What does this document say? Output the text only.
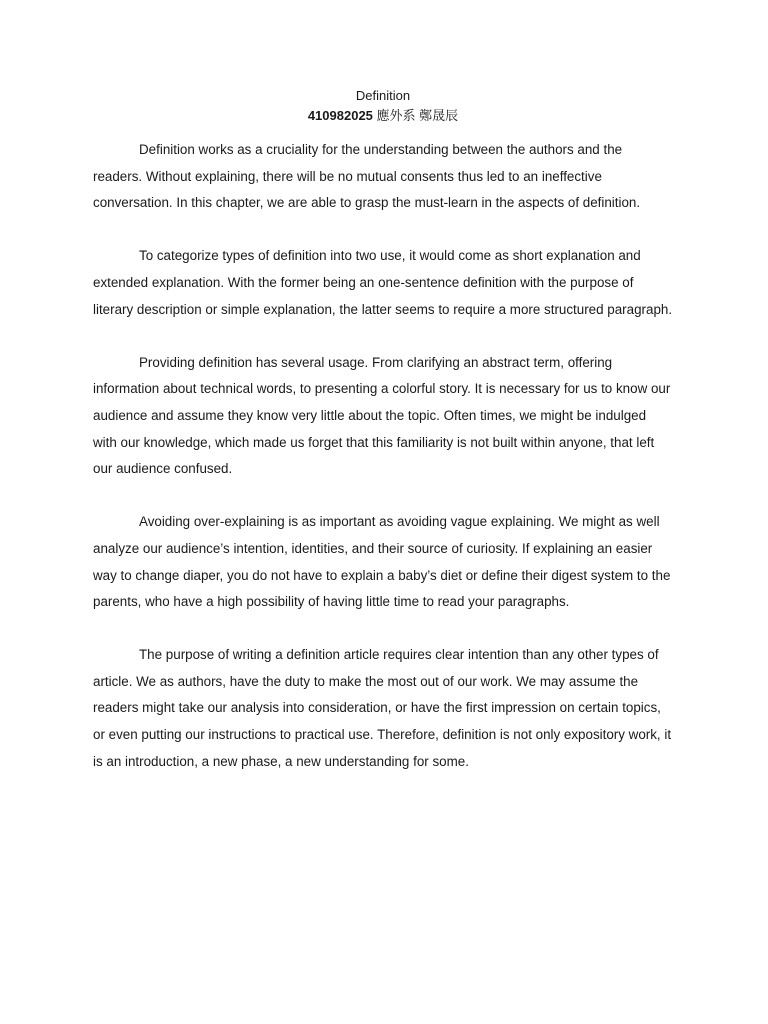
Definition
410982025 應外系 鄭晟辰

Definition works as a cruciality for the understanding between the authors and the readers. Without explaining, there will be no mutual consents thus led to an ineffective conversation. In this chapter, we are able to grasp the must-learn in the aspects of definition.

To categorize types of definition into two use, it would come as short explanation and extended explanation. With the former being an one-sentence definition with the purpose of literary description or simple explanation, the latter seems to require a more structured paragraph.

Providing definition has several usage. From clarifying an abstract term, offering information about technical words, to presenting a colorful story. It is necessary for us to know our audience and assume they know very little about the topic. Often times, we might be indulged with our knowledge, which made us forget that this familiarity is not built within anyone, that left our audience confused.

Avoiding over-explaining is as important as avoiding vague explaining. We might as well analyze our audience’s intention, identities, and their source of curiosity. If explaining an easier way to change diaper, you do not have to explain a baby’s diet or define their digest system to the parents, who have a high possibility of having little time to read your paragraphs.

The purpose of writing a definition article requires clear intention than any other types of article. We as authors, have the duty to make the most out of our work. We may assume the readers might take our analysis into consideration, or have the first impression on certain topics, or even putting our instructions to practical use. Therefore, definition is not only expository work, it is an introduction, a new phase, a new understanding for some.
